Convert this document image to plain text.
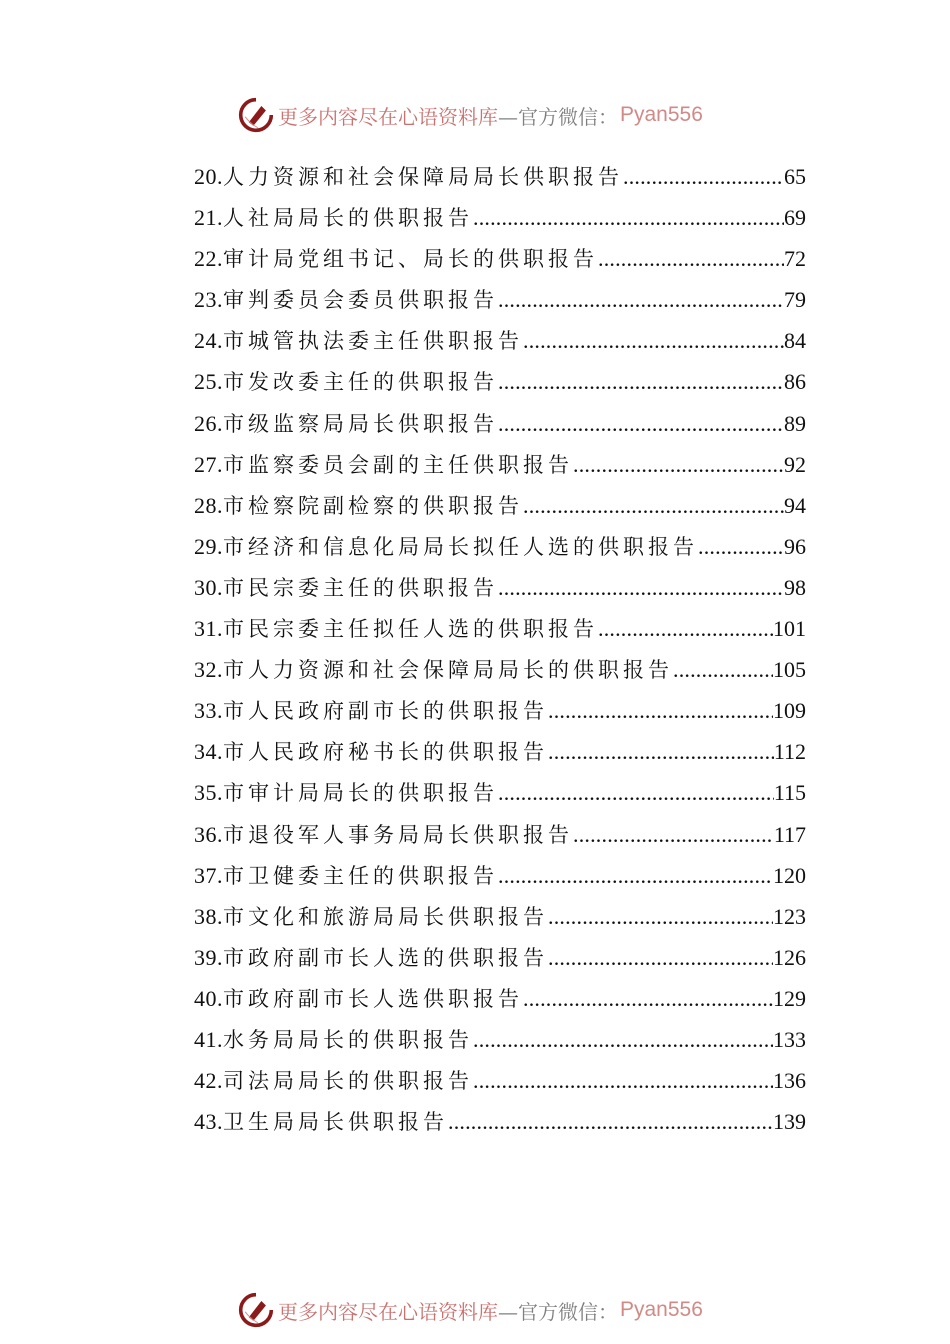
更多内容尽在心语资料库 —官方微信： Pyan556
20. 人力资源和社会保障局局长供职报告 .....	65
21. 人社局局长的供职报告 .....	69
22. 审计局党组书记、局长的供职报告 .....	72
23. 审判委员会委员供职报告 .....	79
24. 市城管执法委主任供职报告 .....	84
25. 市发改委主任的供职报告 .....	86
26. 市级监察局局长供职报告 .....	89
27. 市监察委员会副的主任供职报告 .....	92
28. 市检察院副检察的供职报告 .....	94
29. 市经济和信息化局局长拟任人选的供职报告 .....	96
30. 市民宗委主任的供职报告 .....	98
31. 市民宗委主任拟任人选的供职报告 .....	101
32. 市人力资源和社会保障局局长的供职报告 .....	105
33. 市人民政府副市长的供职报告 .....	109
34. 市人民政府秘书长的供职报告 .....	112
35. 市审计局局长的供职报告 .....	115
36. 市退役军人事务局局长供职报告 .....	117
37. 市卫健委主任的供职报告 .....	120
38. 市文化和旅游局局长供职报告 .....	123
39. 市政府副市长人选的供职报告 .....	126
40. 市政府副市长人选供职报告 .....	129
41. 水务局局长的供职报告 .....	133
42. 司法局局长的供职报告 .....	136
43. 卫生局局长供职报告 .....	139
更多内容尽在心语资料库 —官方微信： Pyan556
